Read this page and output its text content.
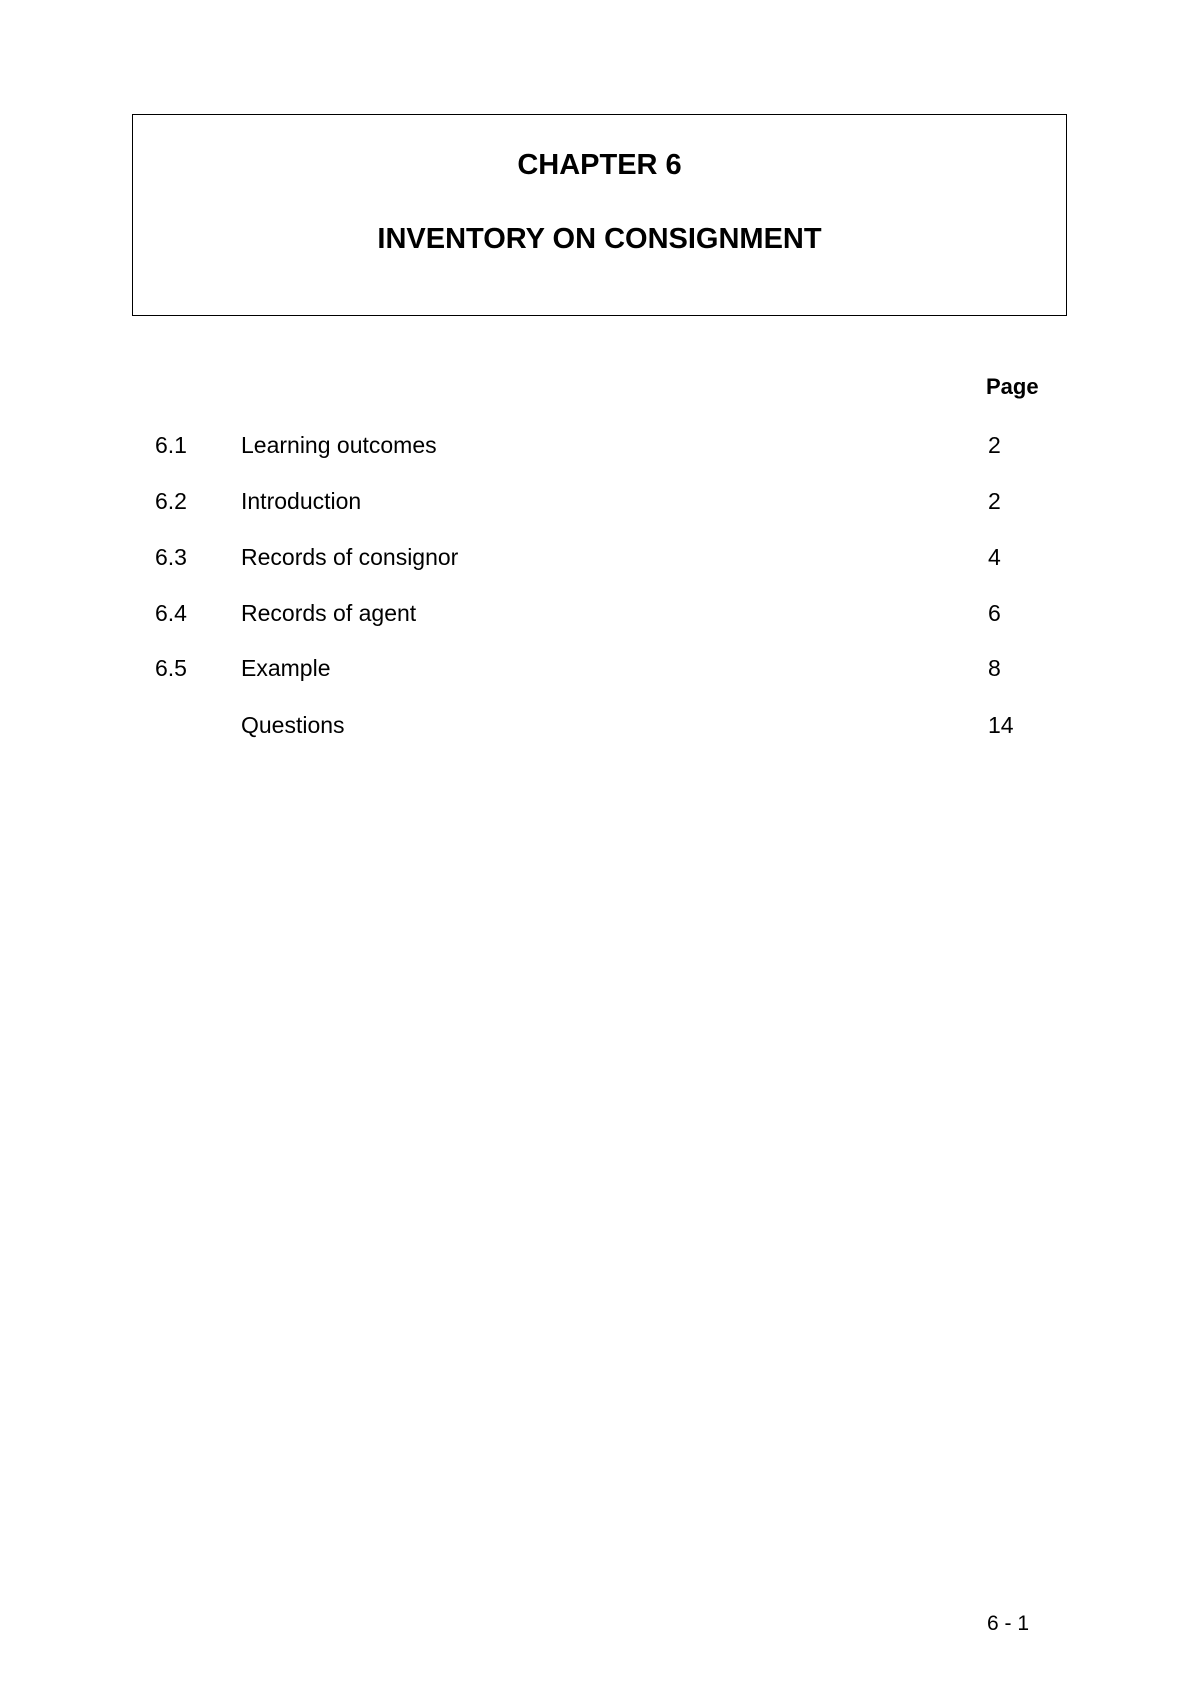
CHAPTER 6
INVENTORY ON CONSIGNMENT
Page
6.1 Learning outcomes	2
6.2 Introduction	2
6.3 Records of consignor	4
6.4 Records of agent	6
6.5 Example	8
Questions	14
6 - 1
